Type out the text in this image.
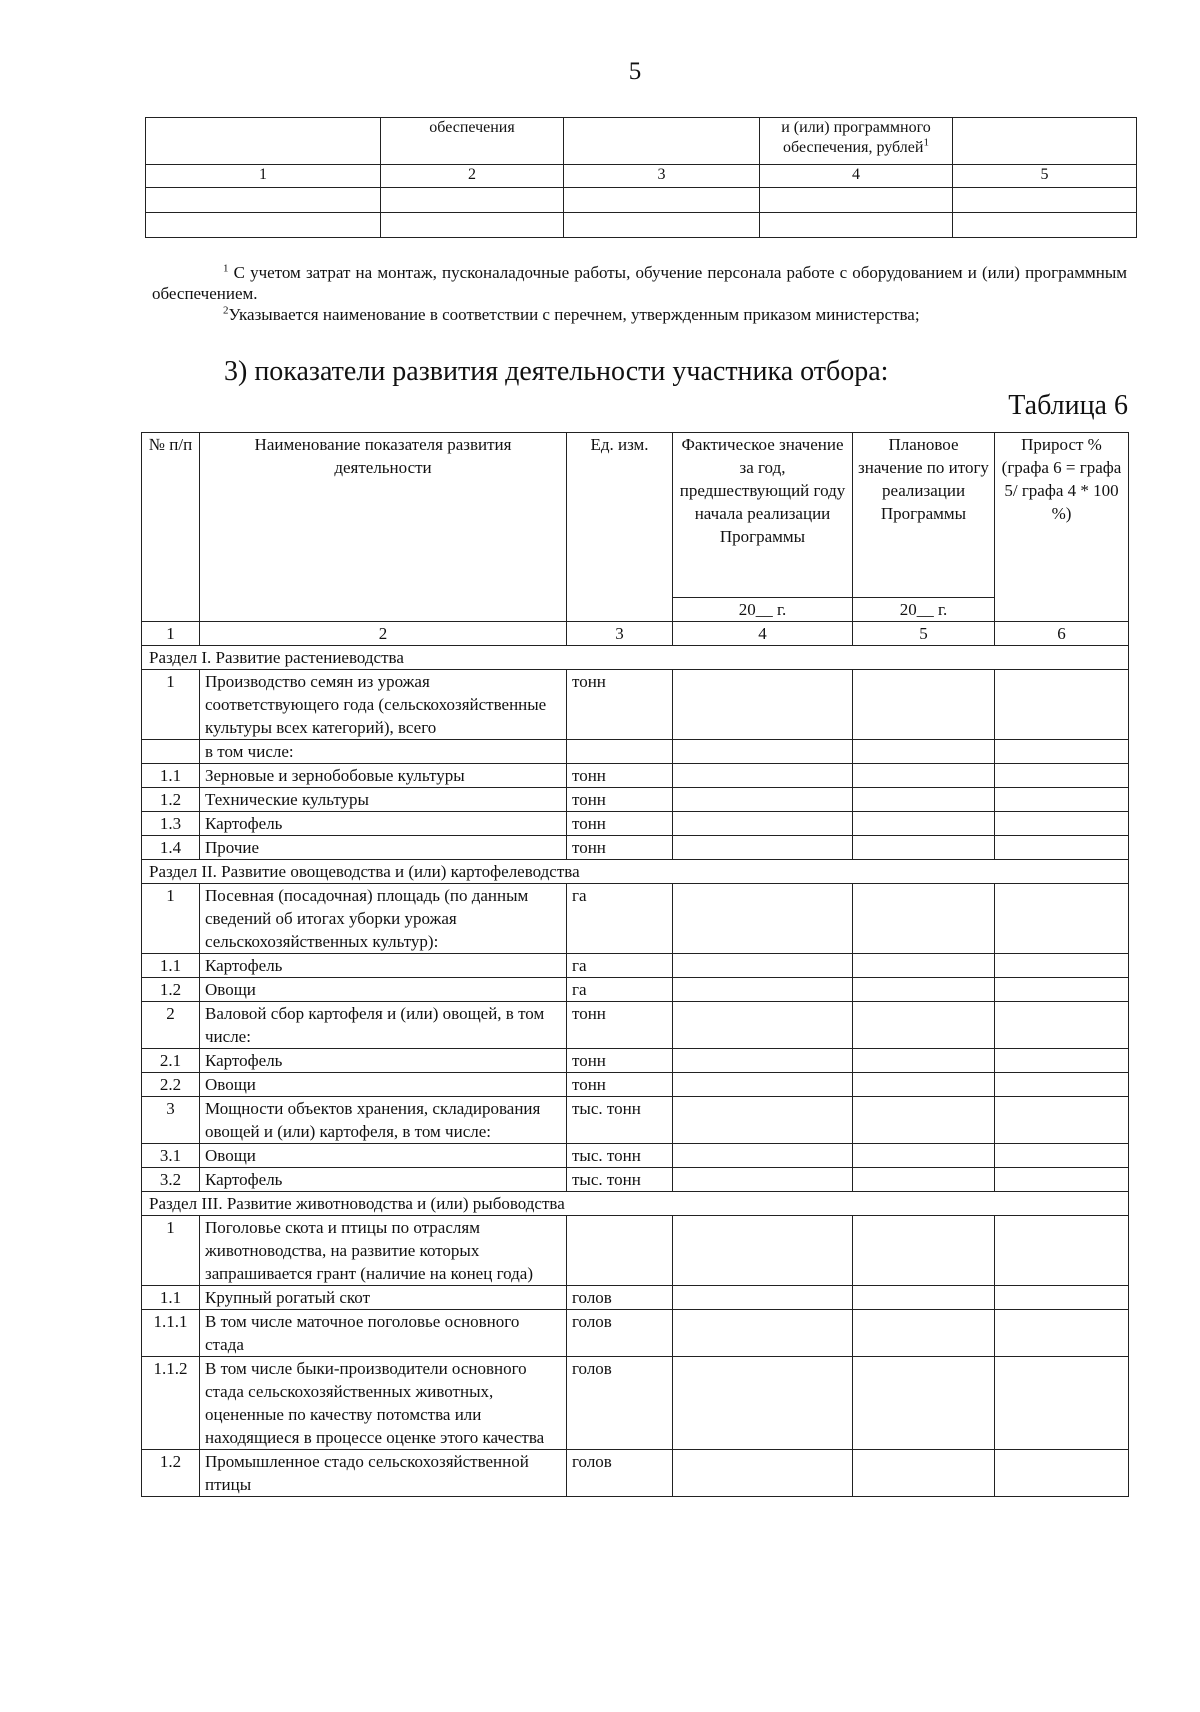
5
	обеспечения		и (или) программного обеспечения, рублей$^1$	
1	2	3	4	5

$^1$ С учетом затрат на монтаж, пусконаладочные работы, обучение персонала работе с оборудованием и (или) программным обеспечением.

$^2$Указывается наименование в соответствии с перечнем, утвержденным приказом министерства;

3) показатели развития деятельности участника отбора:
Таблица 6
№ п/п	Наименование показателя развития деятельности	Ед. изм.	Фактическое значение за год, предшествующий году начала реализации Программы	Плановое значение по итогу реализации Программы	Прирост % (графа 6 = графа 5/ графа 4 * 100 %)
			20__ г.	20__ г.	
1	2	3	4	5	6
Раздел I. Развитие растениеводства					
1	Производство семян из урожая соответствующего года (сельскохозяйственные культуры всех категорий), всего	тонн			
	в том числе:				
1.1	Зерновые и зернобобовые культуры	тонн			
1.2	Технические культуры	тонн			
1.3	Картофель	тонн			
1.4	Прочие	тонн			
Раздел II. Развитие овощеводства и (или) картофелеводства					
1	Посевная (посадочная) площадь (по данным сведений об итогах уборки урожая сельскохозяйственных культур):	га			
1.1	Картофель	га			
1.2	Овощи	га			
2	Валовой сбор картофеля и (или) овощей, в том числе:	тонн			
2.1	Картофель	тонн			
2.2	Овощи	тонн			
3	Мощности объектов хранения, складирования овощей и (или) картофеля, в том числе:	тыс. тонн			
3.1	Овощи	тыс. тонн			
3.2	Картофель	тыс. тонн			
Раздел III. Развитие животноводства и (или) рыбоводства					
1	Поголовье скота и птицы по отраслям животноводства, на развитие которых запрашивается грант (наличие на конец года)				
1.1	Крупный рогатый скот	голов			
1.1.1	В том числе маточное поголовье основного стада	голов			
1.1.2	В том числе быки-производители основного стада сельскохозяйственных животных, оцененные по качеству потомства или находящиеся в процессе оценке этого качества	голов			
1.2	Промышленное стадо сельскохозяйственной птицы	голов			
